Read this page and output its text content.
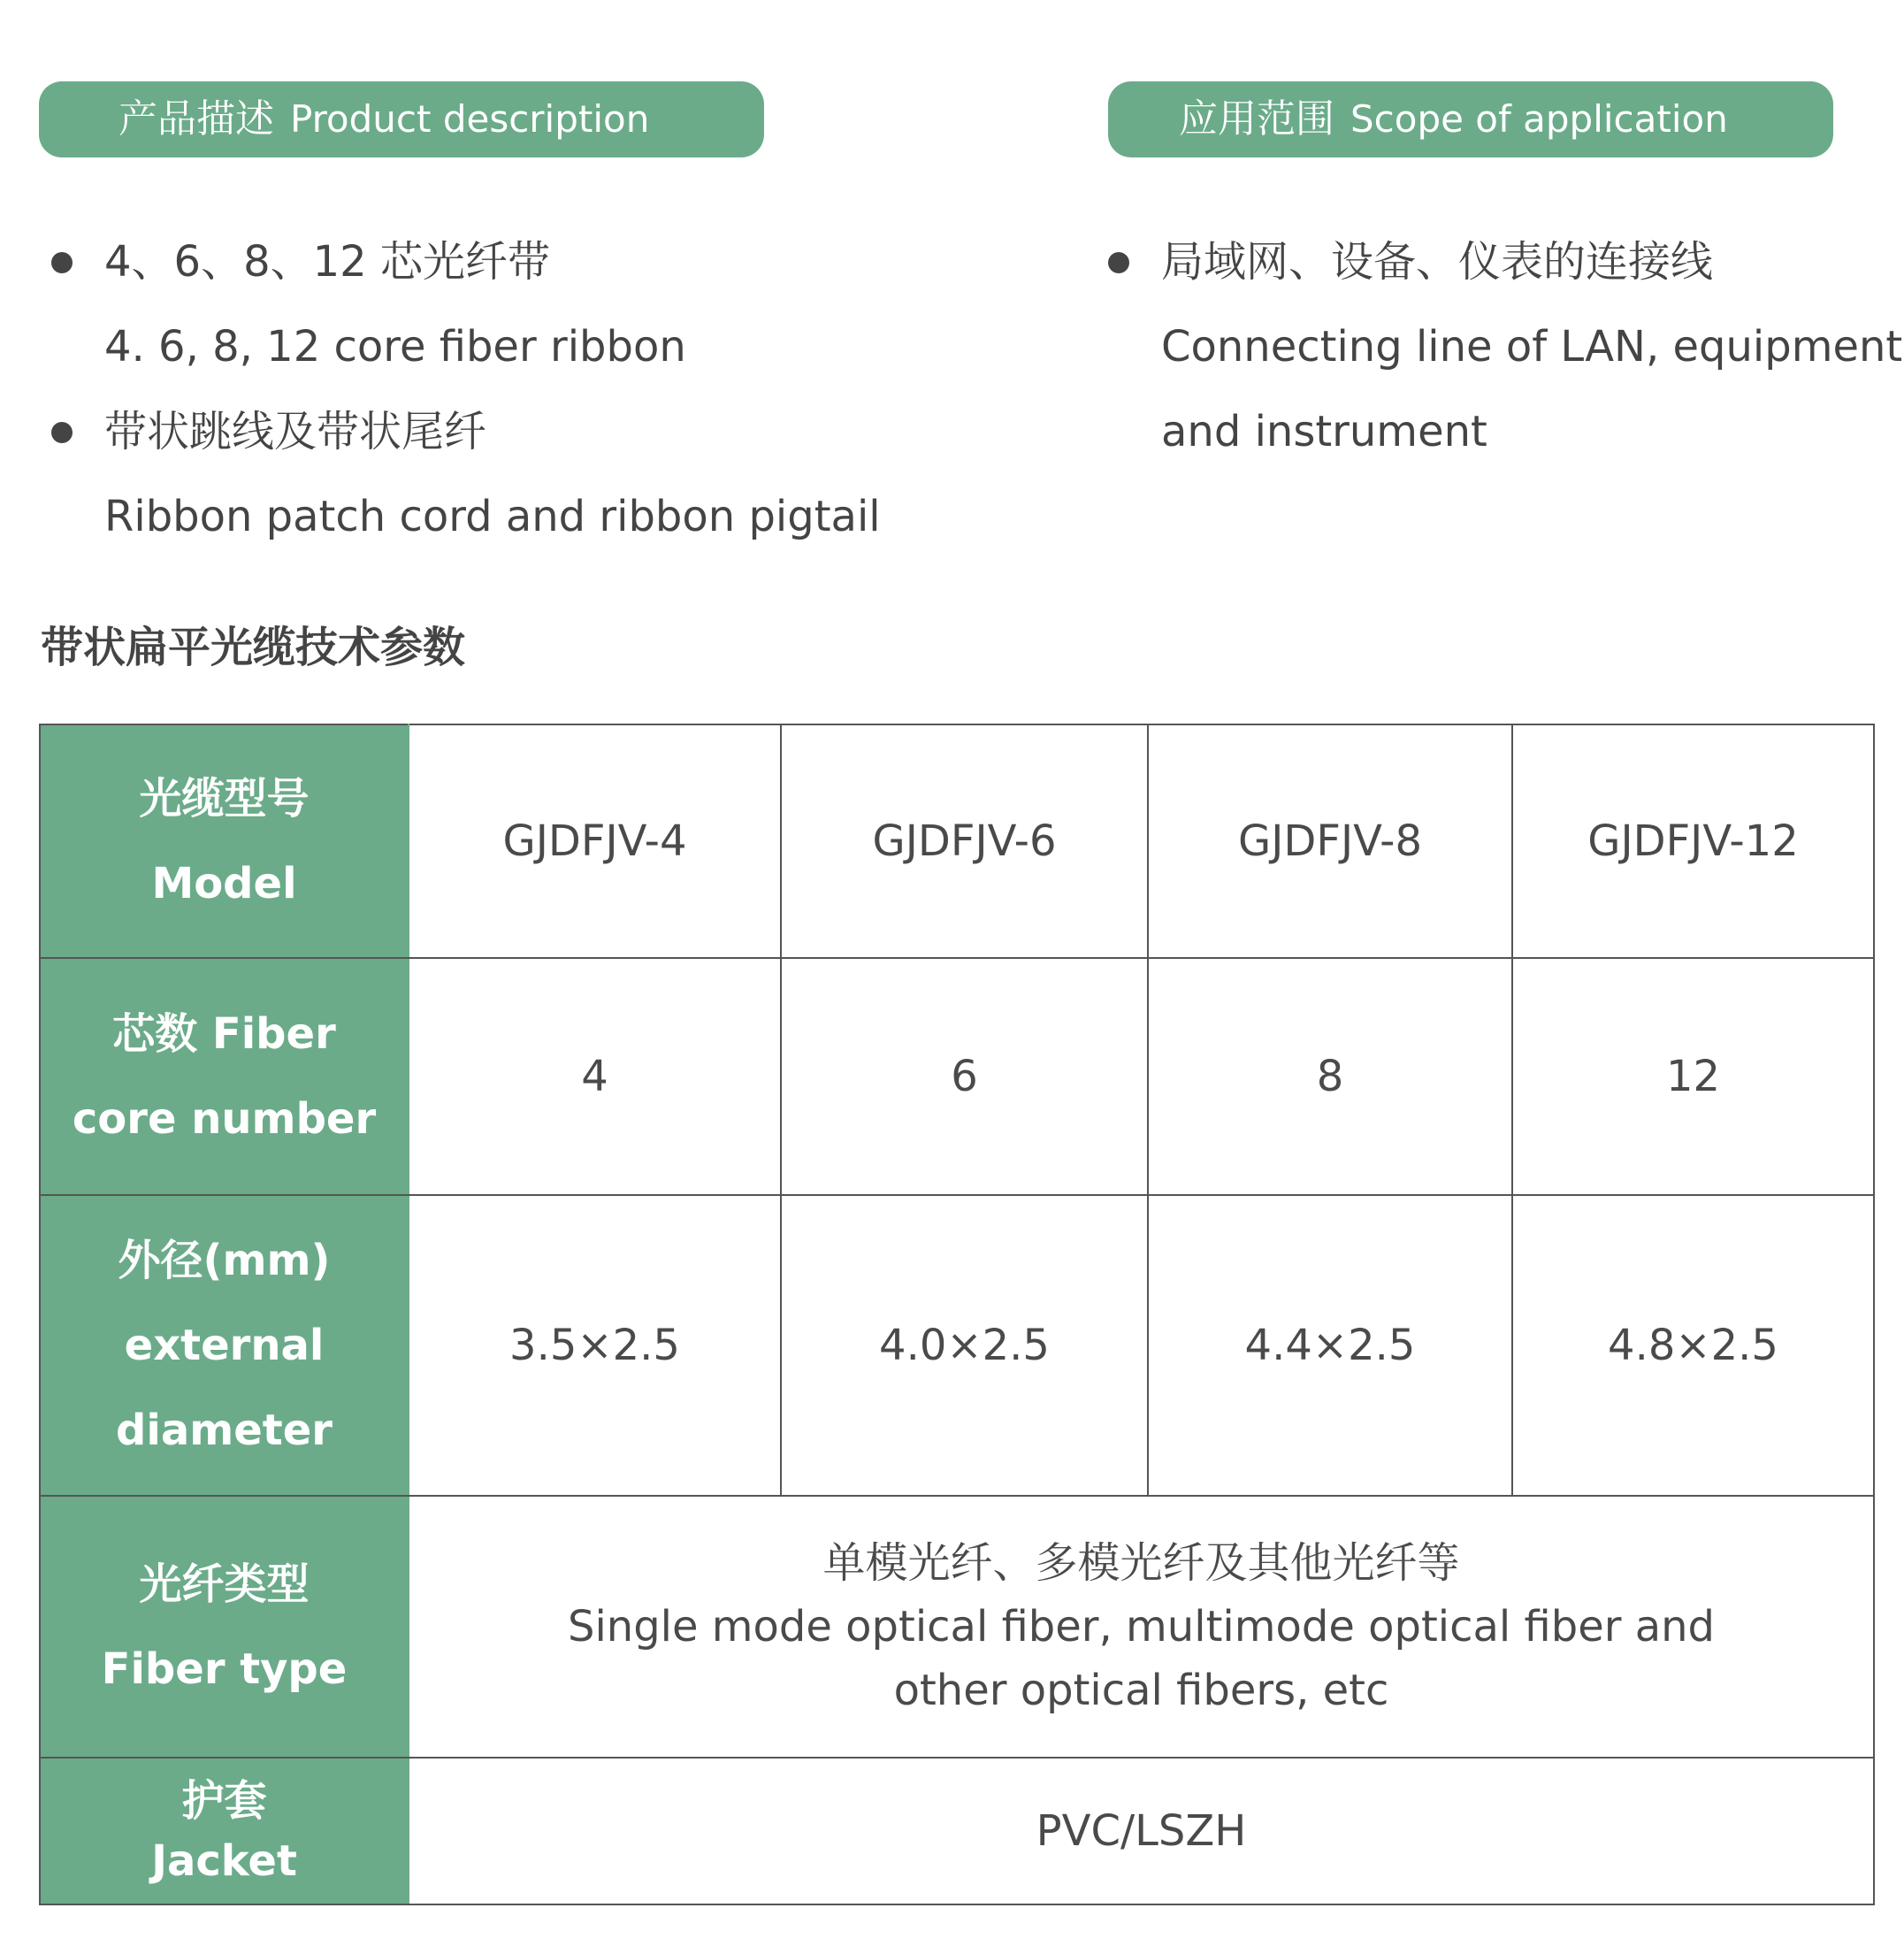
产品描述 Product description	应用范围 Scope of application
4、6、8、12 芯光纤带
4. 6, 8, 12 core fiber ribbon
带状跳线及带状尾纤
Ribbon patch cord and ribbon pigtail
局域网、设备、仪表的连接线
Connecting line of LAN, equipment
and instrument
带状扁平光缆技术参数
光缆型号
Model	GJDFJV-4	GJDFJV-6	GJDFJV-8	GJDFJV-12

芯数 Fiber
core number	4	6	8	12

外径(mm)
external
diameter	3.5×2.5	4.0×2.5	4.4×2.5	4.8×2.5

光纤类型
Fiber type	单模光纤、多模光纤及其他光纤等
Single mode optical fiber, multimode optical fiber and
other optical fibers, etc			

护套
Jacket	PVC/LSZH			
